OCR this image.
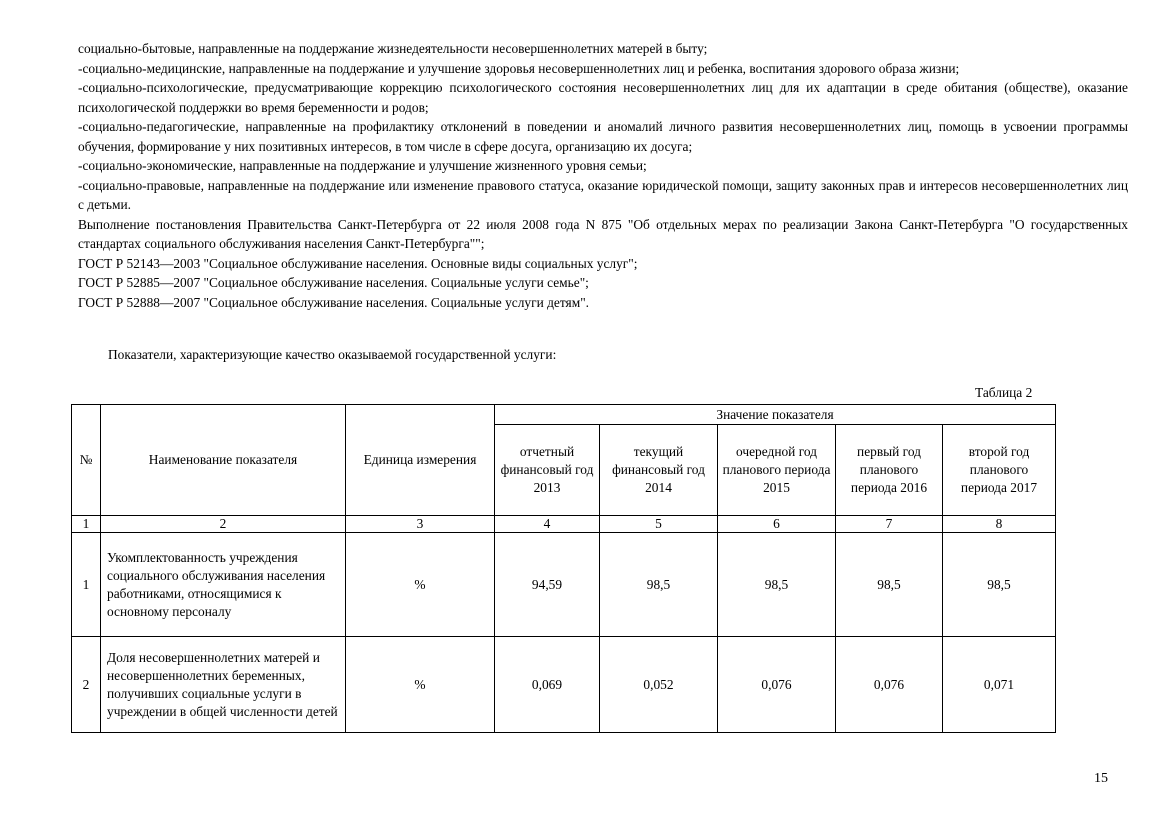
социально-бытовые, направленные на поддержание жизнедеятельности несовершеннолетних матерей в быту;

-социально-медицинские, направленные на поддержание и улучшение здоровья несовершеннолетних лиц и ребенка, воспитания здорового образа жизни;

-социально-психологические, предусматривающие коррекцию психологического состояния несовершеннолетних лиц для их адаптации в среде обитания (обществе), оказание психологической поддержки во время беременности и родов;

-социально-педагогические, направленные на профилактику отклонений в поведении и аномалий личного развития несовершеннолетних лиц, помощь в усвоении программы обучения, формирование у них позитивных интересов, в том числе в сфере досуга, организацию их досуга;

-социально-экономические, направленные на поддержание и улучшение жизненного уровня семьи;

-социально-правовые, направленные на поддержание или изменение правового статуса, оказание юридической помощи, защиту законных прав и интересов несовершеннолетних лиц с детьми.

Выполнение постановления Правительства Санкт-Петербурга от 22 июля 2008 года N 875 "Об отдельных мерах по реализации Закона Санкт-Петербурга "О государственных стандартах социального обслуживания населения Санкт-Петербурга"";

ГОСТ Р 52143—2003 "Социальное обслуживание населения. Основные виды социальных услуг";

ГОСТ Р 52885—2007 "Социальное обслуживание населения. Социальные услуги семье";

ГОСТ Р 52888—2007 "Социальное обслуживание населения. Социальные услуги детям".

Показатели, характеризующие качество оказываемой государственной услуги:
Таблица 2
№	Наименование показателя	Единица измерения	Значение показателя				
			отчетный финансовый год 2013	текущий финансовый год 2014	очередной год планового периода 2015	первый год планового периода 2016	второй год планового периода 2017
1	2	3	4	5	6	7	8
1	Укомплектованность учреждения социального обслуживания населения работниками, относящимися к основному персоналу	%	94,59	98,5	98,5	98,5	98,5
2	Доля несовершеннолетних матерей и несовершеннолетних беременных, получивших социальные услуги в учреждении в общей численности детей	%	0,069	0,052	0,076	0,076	0,071
15
